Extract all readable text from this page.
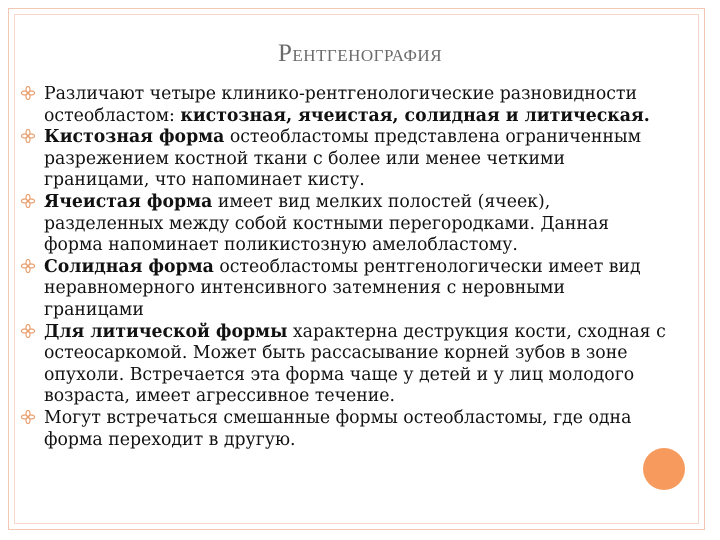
РЕНТГЕНОГРАФИЯ
Различают четыре клинико-рентгенологические разновидности остеобластом: кистозная, ячеистая, солидная и литическая.
Кистозная форма остеобластомы представлена ограниченным разрежением костной ткани с более или менее четкими границами, что напоминает кисту.
Ячеистая форма имеет вид мелких полостей (ячеек), разделенных между собой костными перегородками. Данная форма напоминает поликистозную амелобластому.
Солидная форма остеобластомы рентгенологически имеет вид неравномерного интенсивного затемнения с неровными границами
Для литической формы характерна деструкция кости, сходная с остеосаркомой. Может быть рассасывание корней зубов в зоне опухоли. Встречается эта форма чаще у детей и у лиц молодого возраста, имеет агрессивное течение.
Могут встречаться смешанные формы остеобластомы, где одна форма переходит в другую.
